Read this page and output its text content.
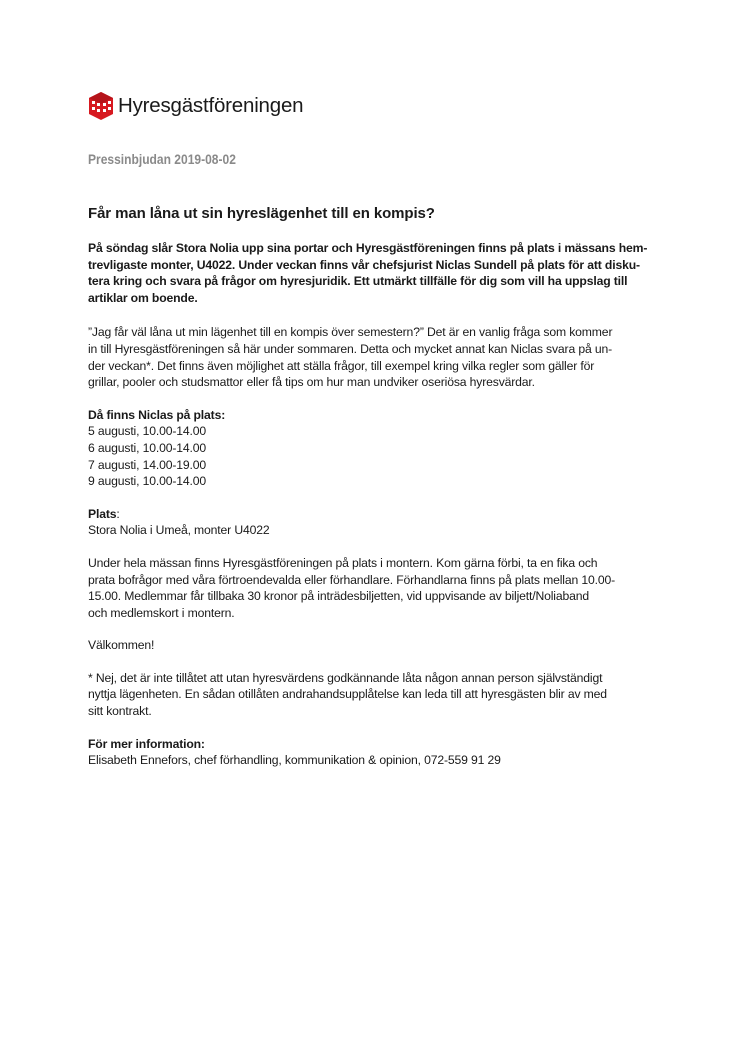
Hyresgästföreningen
Pressinbjudan 2019-08-02
Får man låna ut sin hyreslägenhet till en kompis?
På söndag slår Stora Nolia upp sina portar och Hyresgästföreningen finns på plats i mässans hem-
trevligaste monter, U4022. Under veckan finns vår chefsjurist Niclas Sundell på plats för att disku-
tera kring och svara på frågor om hyresjuridik. Ett utmärkt tillfälle för dig som vill ha uppslag till
artiklar om boende.

”Jag får väl låna ut min lägenhet till en kompis över semestern?” Det är en vanlig fråga som kommer
in till Hyresgästföreningen så här under sommaren. Detta och mycket annat kan Niclas svara på un-
der veckan*. Det finns även möjlighet att ställa frågor, till exempel kring vilka regler som gäller för
grillar, pooler och studsmattor eller få tips om hur man undviker oseriösa hyresvärdar.

Då finns Niclas på plats:
5 augusti, 10.00-14.00
6 augusti, 10.00-14.00
7 augusti, 14.00-19.00
9 augusti, 10.00-14.00

Plats:
Stora Nolia i Umeå, monter U4022

Under hela mässan finns Hyresgästföreningen på plats i montern. Kom gärna förbi, ta en fika och
prata bofrågor med våra förtroendevalda eller förhandlare. Förhandlarna finns på plats mellan 10.00-
15.00. Medlemmar får tillbaka 30 kronor på inträdesbiljetten, vid uppvisande av biljett/Noliaband
och medlemskort i montern.

Välkommen!

* Nej, det är inte tillåtet att utan hyresvärdens godkännande låta någon annan person självständigt
nyttja lägenheten. En sådan otillåten andrahandsupplåtelse kan leda till att hyresgästen blir av med
sitt kontrakt.

För mer information:
Elisabeth Ennefors, chef förhandling, kommunikation & opinion, 072-559 91 29
